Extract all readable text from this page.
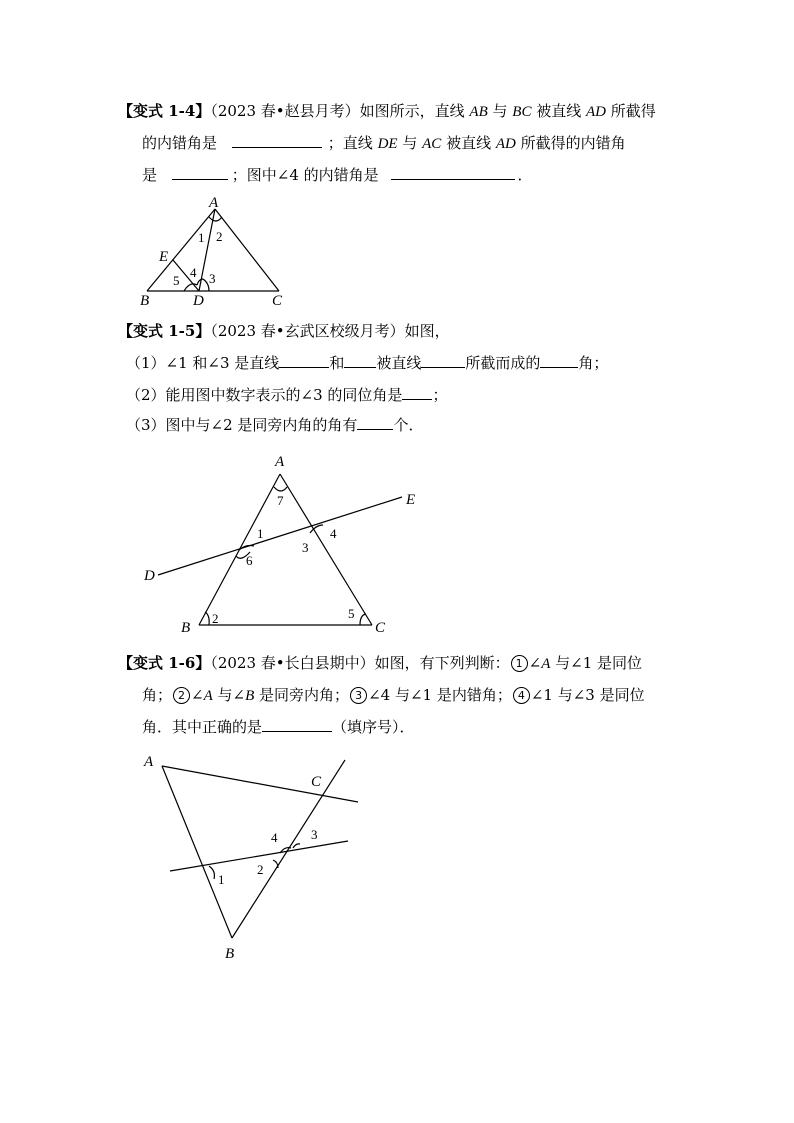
【变式 1-4】（2023 春•赵县月考）如图所示，直线 AB 与 BC 被直线 AD 所截得
的内错角是	；直线 DE 与 AC 被直线 AD 所截得的内错角
是	；图中∠4 的内错角是	．
A
B	C
D
E
1 2
3
4
5
【变式 1-5】（2023 春•玄武区校级月考）如图，
（1）∠1 和∠3 是直线	和 被直线	所截而成的	角；
（2）能用图中数字表示的∠3 的同位角是 ；
（3）图中与∠2 是同旁内角的角有 个．
A
B	C
D
E
1
2
3
4
5
6
7
【变式 1-6】（2023 春•长白县期中）如图，有下列判断： 1 ∠A 与∠1 是同位
角； 2 ∠A 与∠B 是同旁内角； 3 ∠4 与∠1 是内错角； 4 ∠1 与∠3 是同位
角．其中正确的是	（填序号）．
A
B
C
1
2
3
4
